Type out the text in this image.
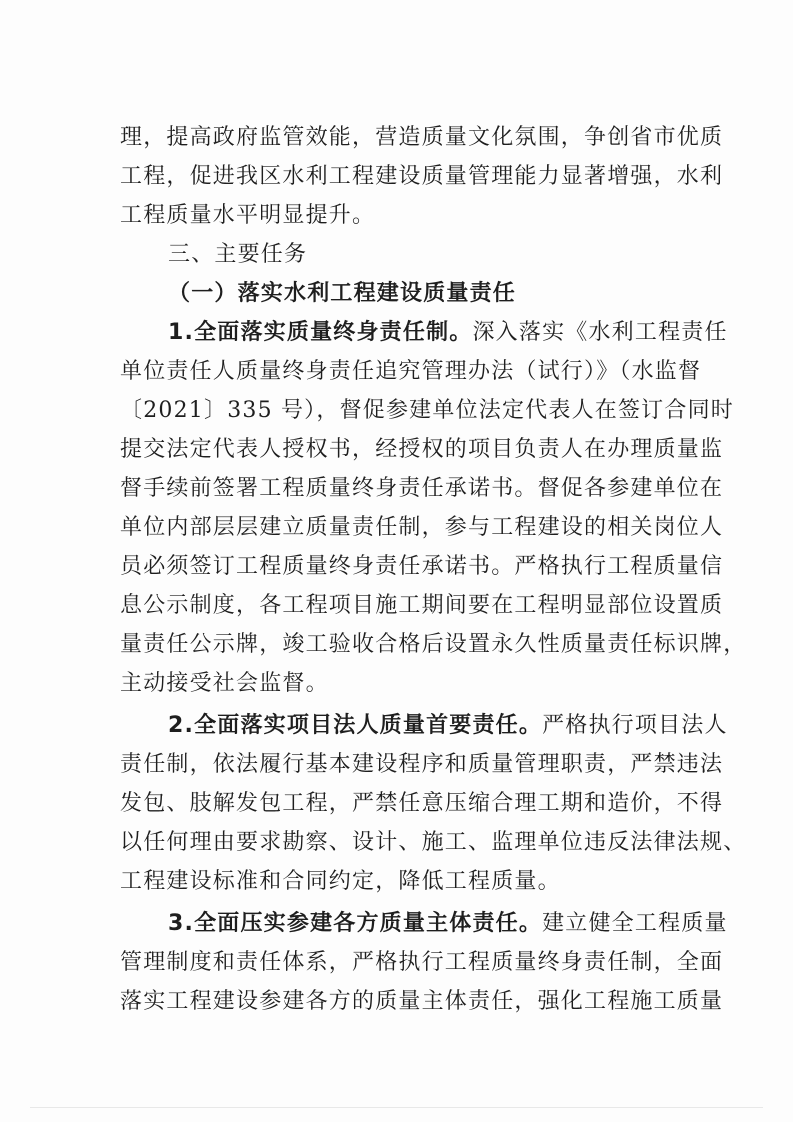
理，提高政府监管效能，营造质量文化氛围，争创省市优质
工程，促进我区水利工程建设质量管理能力显著增强，水利
工程质量水平明显提升。
三、主要任务
（一）落实水利工程建设质量责任
1.全面落实质量终身责任制。深入落实《水利工程责任
单位责任人质量终身责任追究管理办法（试行）》（水监督
〔2021〕335 号），督促参建单位法定代表人在签订合同时
提交法定代表人授权书，经授权的项目负责人在办理质量监
督手续前签署工程质量终身责任承诺书。督促各参建单位在
单位内部层层建立质量责任制，参与工程建设的相关岗位人
员必须签订工程质量终身责任承诺书。严格执行工程质量信
息公示制度，各工程项目施工期间要在工程明显部位设置质
量责任公示牌，竣工验收合格后设置永久性质量责任标识牌，
主动接受社会监督。
2.全面落实项目法人质量首要责任。严格执行项目法人
责任制，依法履行基本建设程序和质量管理职责，严禁违法
发包、肢解发包工程，严禁任意压缩合理工期和造价，不得
以任何理由要求勘察、设计、施工、监理单位违反法律法规、
工程建设标准和合同约定，降低工程质量。
3.全面压实参建各方质量主体责任。建立健全工程质量
管理制度和责任体系，严格执行工程质量终身责任制，全面
落实工程建设参建各方的质量主体责任，强化工程施工质量
